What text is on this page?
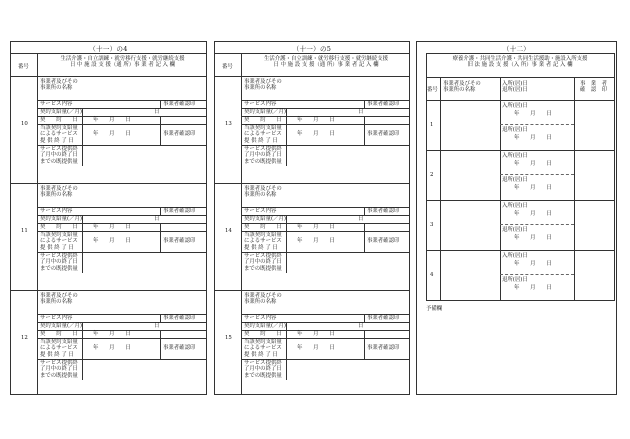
（十一）の4
番号
生活介護・自立訓練・就労移行支援・就労継続支援
日 中 施 設 支 援（通 所）事 業 者 記 入 欄
10
事業者及びその
事業所の名称
サービス内容	事業者確認印
契約支給量(／月)	日
契　　約　　日	年　　月　　日
当該契約支給量
によるサービス
提 供 終 了 日
年　　月　　日	事業者確認印
サービス提供終
了月中の終了日
までの既提供量
11
事業者及びその
事業所の名称
サービス内容	事業者確認印
契約支給量(／月)	日
契　　約　　日	年　　月　　日
当該契約支給量
によるサービス
提 供 終 了 日
年　　月　　日	事業者確認印
サービス提供終
了月中の終了日
までの既提供量
12
事業者及びその
事業所の名称
サービス内容	事業者確認印
契約支給量(／月)	日
契　　約　　日	年　　月　　日
当該契約支給量
によるサービス
提 供 終 了 日
年　　月　　日	事業者確認印
サービス提供終
了月中の終了日
までの既提供量
（十一）の5
番号
生活介護・自立訓練・就労移行支援・就労継続支援
日 中 施 設 支 援（通 所）事 業 者 記 入 欄
13
事業者及びその
事業所の名称
サービス内容	事業者確認印
契約支給量(／月)	日
契　　約　　日	年　　月　　日
当該契約支給量
によるサービス
提 供 終 了 日
年　　月　　日	事業者確認印
サービス提供終
了月中の終了日
までの既提供量
14
事業者及びその
事業所の名称
サービス内容	事業者確認印
契約支給量(／月)	日
契　　約　　日	年　　月　　日
当該契約支給量
によるサービス
提 供 終 了 日
年　　月　　日	事業者確認印
サービス提供終
了月中の終了日
までの既提供量
15
事業者及びその
事業所の名称
サービス内容	事業者確認印
契約支給量(／月)	日
契　　約　　日	年　　月　　日
当該契約支給量
によるサービス
提 供 終 了 日
年　　月　　日	事業者確認印
サービス提供終
了月中の終了日
までの既提供量
（十二）
療養介護・共同生活介護・共同生活援助・施設入所支援
旧 法 施 設 支 援（入 所）事 業 者 記 入 欄
番号
事業者及びその
事業所の名称
入所(居)日
退所(居)日
事　業　者
確　認　印
1
入所(居)日
年　　月　　日
退所(居)日
年　　月　　日
2
入所(居)日
年　　月　　日
退所(居)日
年　　月　　日
3
入所(居)日
年　　月　　日
退所(居)日
年　　月　　日
4
入所(居)日
年　　月　　日
退所(居)日
年　　月　　日
予備欄
